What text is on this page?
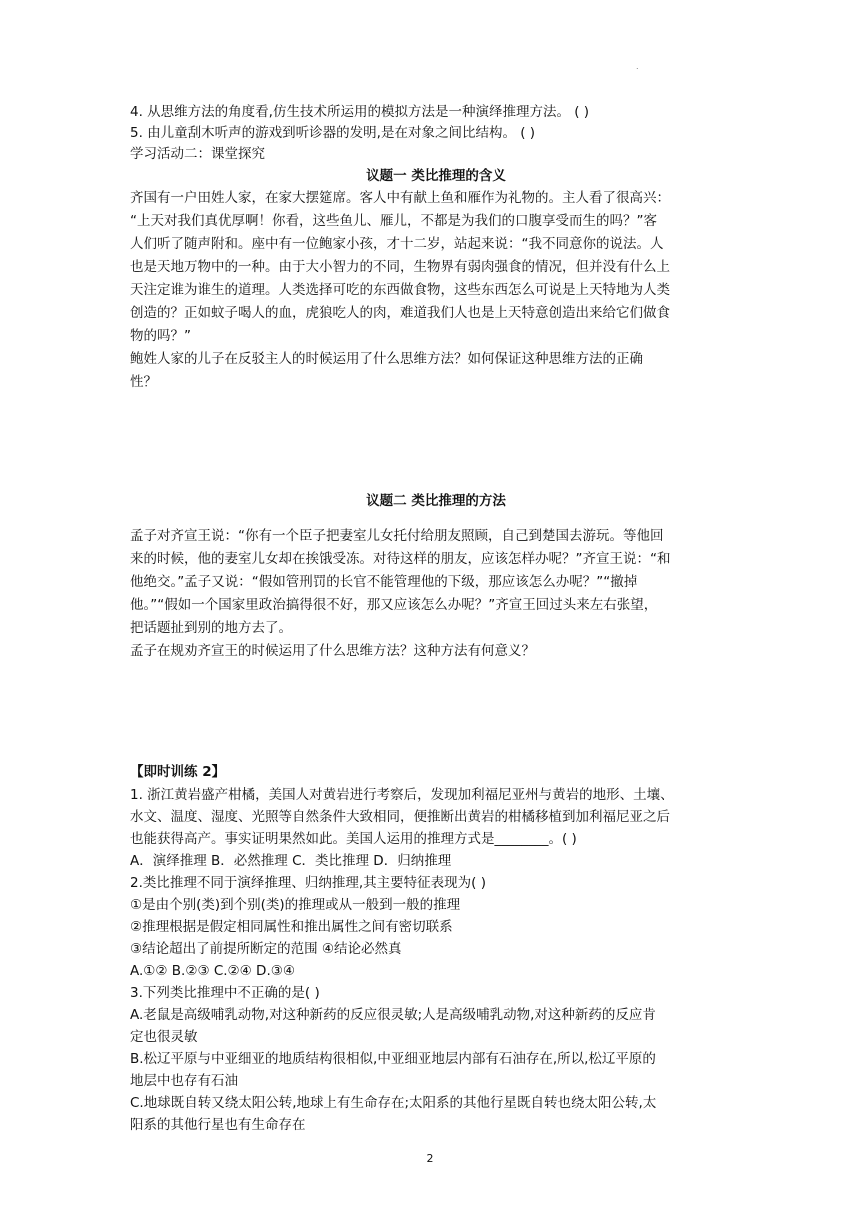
.
4. 从思维方法的角度看,仿生技术所运用的模拟方法是一种演绎推理方法。 ( )
5. 由儿童刮木听声的游戏到听诊器的发明,是在对象之间比结构。 ( )
学习活动二：课堂探究
议题一 类比推理的含义
齐国有一户田姓人家，在家大摆筵席。客人中有献上鱼和雁作为礼物的。主人看了很高兴：
“上天对我们真优厚啊！你看，这些鱼儿、雁儿，不都是为我们的口腹享受而生的吗？”客
人们听了随声附和。座中有一位鲍家小孩，才十二岁，站起来说：“我不同意你的说法。人
也是天地万物中的一种。由于大小智力的不同，生物界有弱肉强食的情况，但并没有什么上
天注定谁为谁生的道理。人类选择可吃的东西做食物，这些东西怎么可说是上天特地为人类
创造的？正如蚊子喝人的血，虎狼吃人的肉，难道我们人也是上天特意创造出来给它们做食
物的吗？”
鲍姓人家的儿子在反驳主人的时候运用了什么思维方法？如何保证这种思维方法的正确
性？
议题二 类比推理的方法
孟子对齐宣王说：“你有一个臣子把妻室儿女托付给朋友照顾，自己到楚国去游玩。等他回
来的时候，他的妻室儿女却在挨饿受冻。对待这样的朋友，应该怎样办呢？”齐宣王说：“和
他绝交。”孟子又说：“假如管刑罚的长官不能管理他的下级，那应该怎么办呢？”“撤掉
他。”“假如一个国家里政治搞得很不好，那又应该怎么办呢？”齐宣王回过头来左右张望，
把话题扯到别的地方去了。
孟子在规劝齐宣王的时候运用了什么思维方法？这种方法有何意义？
【即时训练 2】
1. 浙江黄岩盛产柑橘，美国人对黄岩进行考察后，发现加利福尼亚州与黄岩的地形、土壤、
水文、温度、湿度、光照等自然条件大致相同，便推断出黄岩的柑橘移植到加利福尼亚之后
也能获得高产。事实证明果然如此。美国人运用的推理方式是________。( )
A．演绎推理 B．必然推理 C．类比推理 D．归纳推理
2.类比推理不同于演绎推理、归纳推理,其主要特征表现为( )
①是由个别(类)到个别(类)的推理或从一般到一般的推理
②推理根据是假定相同属性和推出属性之间有密切联系
③结论超出了前提所断定的范围 ④结论必然真
A.①② B.②③ C.②④ D.③④
3.下列类比推理中不正确的是( )
A.老鼠是高级哺乳动物,对这种新药的反应很灵敏;人是高级哺乳动物,对这种新药的反应肯
定也很灵敏
B.松辽平原与中亚细亚的地质结构很相似,中亚细亚地层内部有石油存在,所以,松辽平原的
地层中也存有石油
C.地球既自转又绕太阳公转,地球上有生命存在;太阳系的其他行星既自转也绕太阳公转,太
阳系的其他行星也有生命存在
2
